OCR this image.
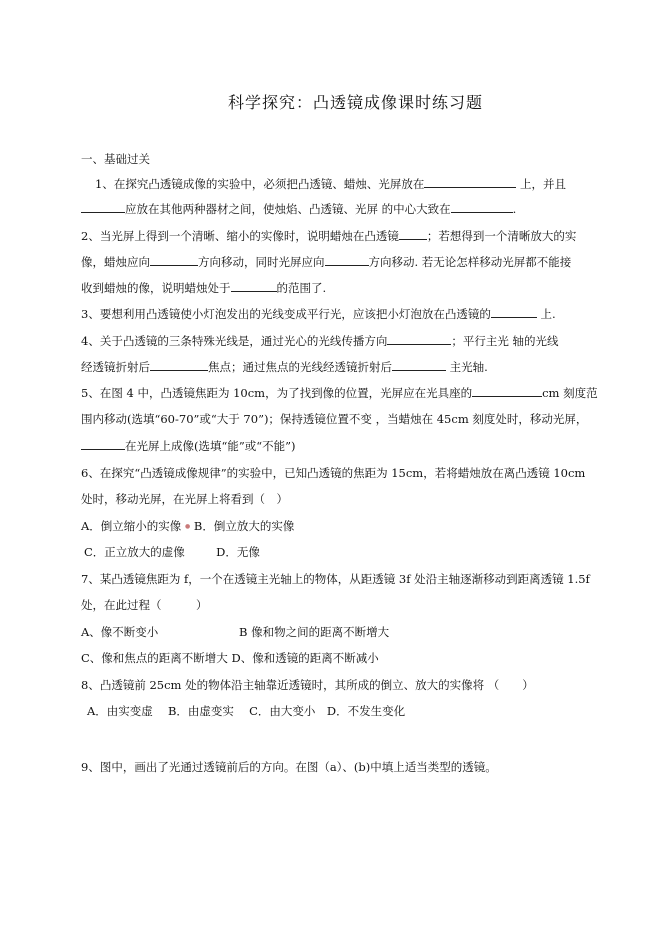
科学探究：凸透镜成像课时练习题
一、基础过关
1、在探究凸透镜成像的实验中，必须把凸透镜、蜡烛、光屏放在	上，并且
应放在其他两种器材之间，使烛焰、凸透镜、光屏 的中心大致在	.
2、当光屏上得到一个清晰、缩小的实像时，说明蜡烛在凸透镜 ；若想得到一个清晰放大的实
像，蜡烛应向	方向移动，同时光屏应向	方向移动. 若无论怎样移动光屏都不能接
收到蜡烛的像，说明蜡烛处于	的范围了.
3、要想利用凸透镜使小灯泡发出的光线变成平行光，应该把小灯泡放在凸透镜的	上.
4、关于凸透镜的三条特殊光线是，通过光心的光线传播方向	；平行主光 轴的光线
经透镜折射后	焦点；通过焦点的光线经透镜折射后	主光轴.
5、在图 4 中，凸透镜焦距为 10cm，为了找到像的位置，光屏应在光具座的	cm 刻度范
围内移动(选填“60-70”或“大于 70”)；保持透镜位置不变 ，当蜡烛在 45cm 刻度处时，移动光屏，
在光屏上成像(选填“能”或“不能”)
6、在探究“凸透镜成像规律”的实验中，已知凸透镜的焦距为 15cm，若将蜡烛放在离凸透镜 10cm
处时，移动光屏，在光屏上将看到（　）
A．倒立缩小的实像 ● B．倒立放大的实像
C．正立放大的虚像	D．无像
7、某凸透镜焦距为 f，一个在透镜主光轴上的物体，从距透镜 3f 处沿主轴逐渐移动到距离透镜 1.5f
处，在此过程（　　　）
A、像不断变小	B 像和物之间的距离不断增大
C、像和焦点的距离不断增大 D、像和透镜的距离不断减小
8、凸透镜前 25cm 处的物体沿主轴靠近透镜时，其所成的倒立、放大的实像将 （　　）
A．由实变虚　 B．由虚变实　 C．由大变小　D．不发生变化
9、图中，画出了光通过透镜前后的方向。在图（a）、(b)中填上适当类型的透镜。
